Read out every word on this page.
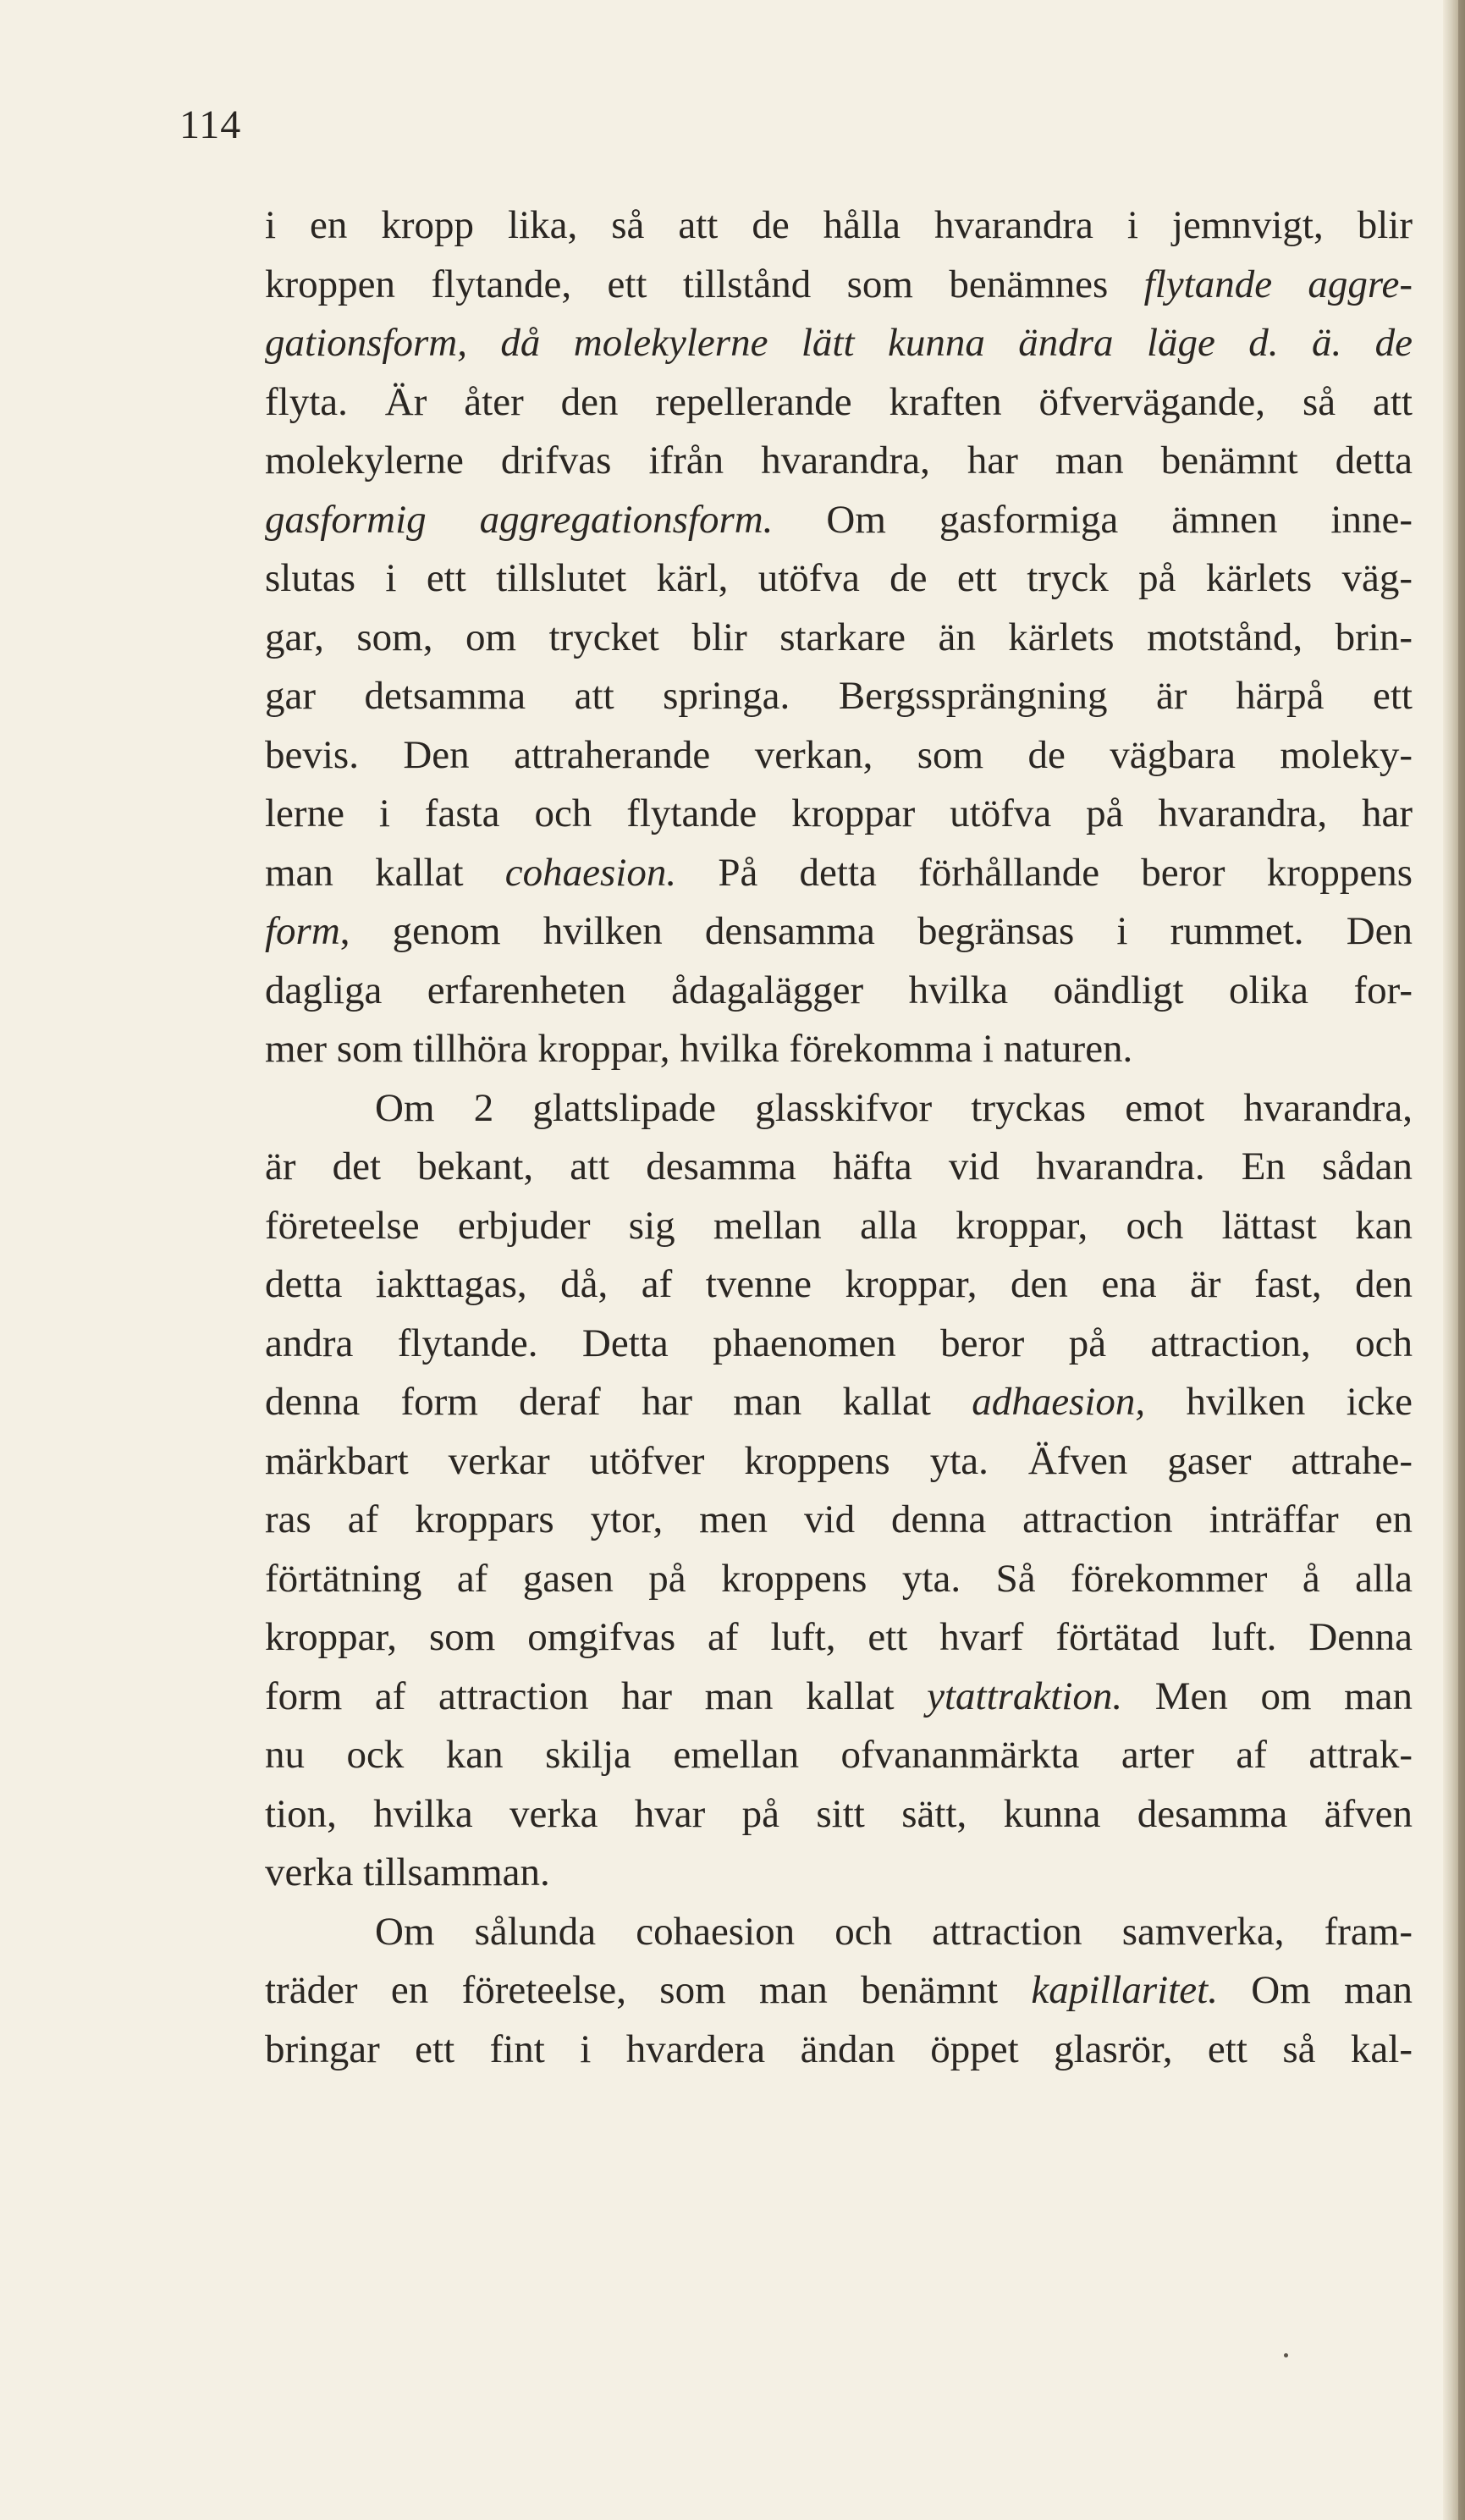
114
i en kropp lika, så att de hålla hvarandra i jemnvigt, blir
kroppen flytande, ett tillstånd som benämnes flytande aggre-
gationsform, då molekylerne lätt kunna ändra läge d. ä. de
flyta. Är åter den repellerande kraften öfvervägande, så att
molekylerne drifvas ifrån hvarandra, har man benämnt detta
gasformig aggregationsform. Om gasformiga ämnen inne-
slutas i ett tillslutet kärl, utöfva de ett tryck på kärlets väg-
gar, som, om trycket blir starkare än kärlets motstånd, brin-
gar detsamma att springa. Bergssprängning är härpå ett
bevis. Den attraherande verkan, som de vägbara moleky-
lerne i fasta och flytande kroppar utöfva på hvarandra, har
man kallat cohaesion. På detta förhållande beror kroppens
form, genom hvilken densamma begränsas i rummet. Den
dagliga erfarenheten ådagalägger hvilka oändligt olika for-
mer som tillhöra kroppar, hvilka förekomma i naturen.
Om 2 glattslipade glasskifvor tryckas emot hvarandra,
är det bekant, att desamma häfta vid hvarandra. En sådan
företeelse erbjuder sig mellan alla kroppar, och lättast kan
detta iakttagas, då, af tvenne kroppar, den ena är fast, den
andra flytande. Detta phaenomen beror på attraction, och
denna form deraf har man kallat adhaesion, hvilken icke
märkbart verkar utöfver kroppens yta. Äfven gaser attrahe-
ras af kroppars ytor, men vid denna attraction inträffar en
förtätning af gasen på kroppens yta. Så förekommer å alla
kroppar, som omgifvas af luft, ett hvarf förtätad luft. Denna
form af attraction har man kallat ytattraktion. Men om man
nu ock kan skilja emellan ofvananmärkta arter af attrak-
tion, hvilka verka hvar på sitt sätt, kunna desamma äfven
verka tillsamman.
Om sålunda cohaesion och attraction samverka, fram-
träder en företeelse, som man benämnt kapillaritet. Om man
bringar ett fint i hvardera ändan öppet glasrör, ett så kal-
